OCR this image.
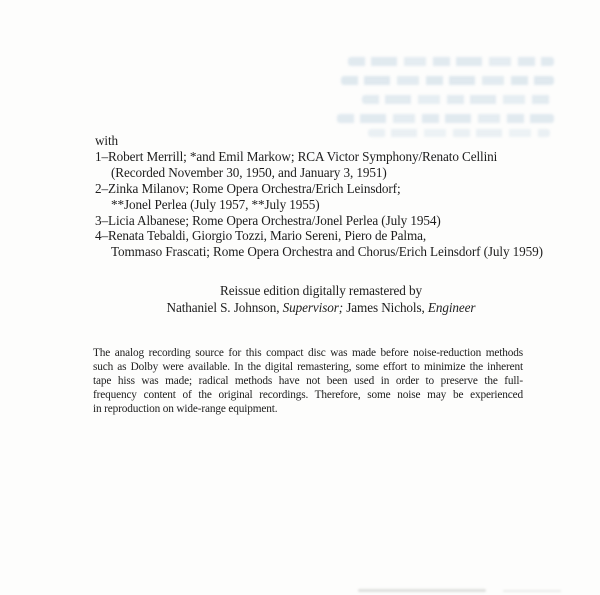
with
1–Robert Merrill; *and Emil Markow; RCA Victor Symphony/Renato Cellini
(Recorded November 30, 1950, and January 3, 1951)
2–Zinka Milanov; Rome Opera Orchestra/Erich Leinsdorf;
**Jonel Perlea (July 1957, **July 1955)
3–Licia Albanese; Rome Opera Orchestra/Jonel Perlea (July 1954)
4–Renata Tebaldi, Giorgio Tozzi, Mario Sereni, Piero de Palma,
Tommaso Frascati; Rome Opera Orchestra and Chorus/Erich Leinsdorf (July 1959)
Reissue edition digitally remastered by
Nathaniel S. Johnson, Supervisor; James Nichols, Engineer
The analog recording source for this compact disc was made before noise-reduction methods
such as Dolby were available. In the digital remastering, some effort to minimize the inherent
tape hiss was made; radical methods have not been used in order to preserve the full-
frequency content of the original recordings. Therefore, some noise may be experienced
in reproduction on wide-range equipment.
